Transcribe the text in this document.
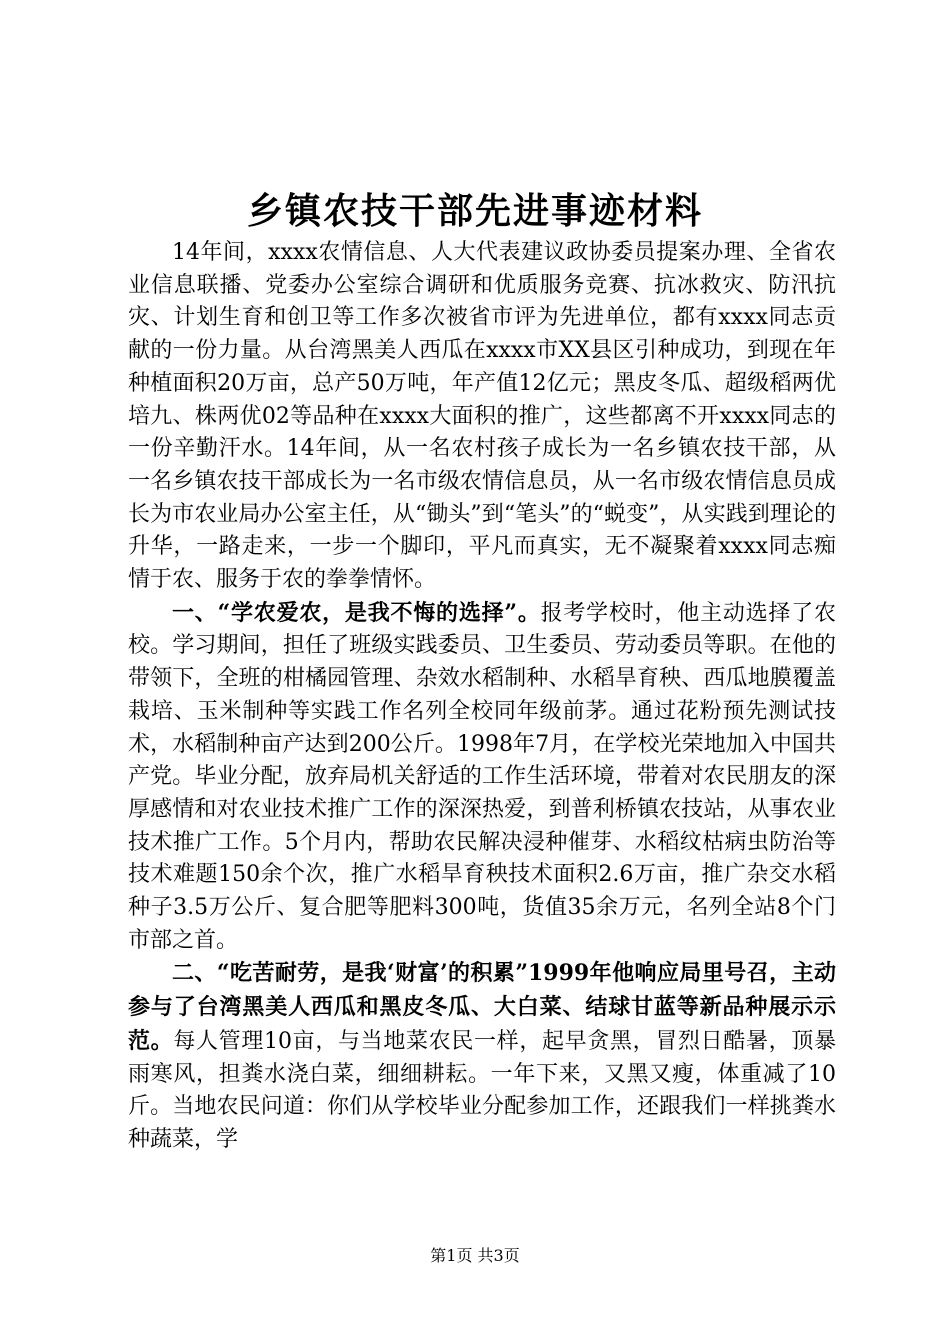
乡镇农技干部先进事迹材料

14年间，xxxx农情信息、人大代表建议政协委员提案办理、全省农业信息联播、党委办公室综合调研和优质服务竞赛、抗冰救灾、防汛抗灾、计划生育和创卫等工作多次被省市评为先进单位，都有xxxx同志贡献的一份力量。从台湾黑美人西瓜在xxxx市XX县区引种成功，到现在年种植面积20万亩，总产50万吨，年产值12亿元；黑皮冬瓜、超级稻两优培九、株两优02等品种在xxxx大面积的推广，这些都离不开xxxx同志的一份辛勤汗水。14年间，从一名农村孩子成长为一名乡镇农技干部，从一名乡镇农技干部成长为一名市级农情信息员，从一名市级农情信息员成长为市农业局办公室主任，从“锄头”到“笔头”的“蜕变”，从实践到理论的升华，一路走来，一步一个脚印，平凡而真实，无不凝聚着xxxx同志痴情于农、服务于农的拳拳情怀。

一、“学农爱农，是我不悔的选择”。报考学校时，他主动选择了农校。学习期间，担任了班级实践委员、卫生委员、劳动委员等职。在他的带领下，全班的柑橘园管理、杂效水稻制种、水稻旱育秧、西瓜地膜覆盖栽培、玉米制种等实践工作名列全校同年级前茅。通过花粉预先测试技术，水稻制种亩产达到200公斤。1998年7月，在学校光荣地加入中国共产党。毕业分配，放弃局机关舒适的工作生活环境，带着对农民朋友的深厚感情和对农业技术推广工作的深深热爱，到普利桥镇农技站，从事农业技术推广工作。5个月内，帮助农民解决浸种催芽、水稻纹枯病虫防治等技术难题150余个次，推广水稻旱育秧技术面积2.6万亩，推广杂交水稻种子3.5万公斤、复合肥等肥料300吨，货值35余万元，名列全站8个门市部之首。

二、“吃苦耐劳，是我‘财富’的积累”1999年他响应局里号召，主动参与了台湾黑美人西瓜和黑皮冬瓜、大白菜、结球甘蓝等新品种展示示范。每人管理10亩，与当地菜农民一样，起早贪黑，冒烈日酷暑，顶暴雨寒风，担粪水浇白菜，细细耕耘。一年下来，又黑又瘦，体重减了10斤。当地农民问道：你们从学校毕业分配参加工作，还跟我们一样挑粪水种蔬菜，学

第1页 共3页
